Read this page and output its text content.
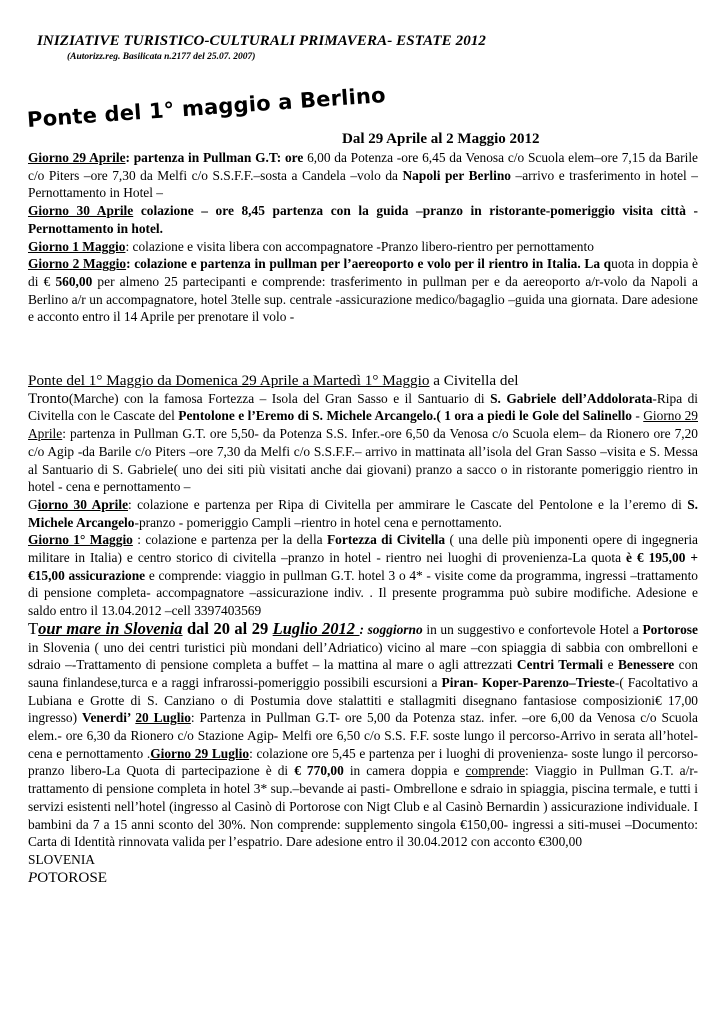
INIZIATIVE TURISTICO-CULTURALI PRIMAVERA- ESTATE 2012
(Autorizz.reg. Basilicata n.2177 del 25.07. 2007)
Ponte del 1° maggio a Berlino
Dal 29 Aprile al 2 Maggio 2012
Giorno 29 Aprile: partenza in Pullman G.T: ore 6,00 da Potenza -ore 6,45 da Venosa c/o Scuola elem–ore 7,15 da Barile c/o Piters –ore 7,30 da Melfi c/o S.S.F.F.–sosta a Candela –volo da Napoli per Berlino –arrivo e trasferimento in hotel –Pernottamento in Hotel –
Giorno 30 Aprile colazione – ore 8,45 partenza con la guida –pranzo in ristorante-pomeriggio visita città -Pernottamento in hotel.
Giorno 1 Maggio: colazione e visita libera con accompagnatore -Pranzo libero-rientro per pernottamento
Giorno 2 Maggio: colazione e partenza in pullman per l’aereoporto e volo per il rientro in Italia. La quota in doppia è di € 560,00 per almeno 25 partecipanti e comprende: trasferimento in pullman per e da aereoporto a/r-volo da Napoli a Berlino a/r un accompagnatore, hotel 3telle sup. centrale -assicurazione medico/bagaglio –guida una giornata. Dare adesione e acconto entro il 14 Aprile per prenotare il volo -
Ponte del 1° Maggio da Domenica 29 Aprile a Martedì 1° Maggio a Civitella del
Tronto(Marche) con la famosa Fortezza – Isola del Gran Sasso e il Santuario di S. Gabriele dell’Addolorata-Ripa di Civitella con le Cascate del Pentolone e l’Eremo di S. Michele Arcangelo.( 1 ora a piedi le Gole del Salinello - Giorno 29 Aprile: partenza in Pullman G.T. ore 5,50- da Potenza S.S. Infer.-ore 6,50 da Venosa c/o Scuola elem– da Rionero ore 7,20 c/o Agip -da Barile c/o Piters –ore 7,30 da Melfi c/o S.S.F.F.– arrivo in mattinata all’isola del Gran Sasso –visita e S. Messa al Santuario di S. Gabriele( uno dei siti più visitati anche dai giovani) pranzo a sacco o in ristorante pomeriggio rientro in hotel - cena e pernottamento –
Giorno 30 Aprile: colazione e partenza per Ripa di Civitella per ammirare le Cascate del Pentolone e la l’eremo di S. Michele Arcangelo-pranzo - pomeriggio Campli –rientro in hotel cena e pernottamento.
Giorno 1° Maggio : colazione e partenza per la della Fortezza di Civitella ( una delle più imponenti opere di ingegneria militare in Italia) e centro storico di civitella –pranzo in hotel - rientro nei luoghi di provenienza-La quota è € 195,00 +€15,00 assicurazione e comprende: viaggio in pullman G.T. hotel 3 o 4* - visite come da programma, ingressi –trattamento di pensione completa- accompagnatore –assicurazione indiv. . Il presente programma può subire modifiche. Adesione e saldo entro il 13.04.2012 –cell 3397403569
Tour mare in Slovenia dal 20 al 29 Luglio 2012 : soggiorno in un suggestivo e confortevole Hotel a Portorose in Slovenia ( uno dei centri turistici più mondani dell’Adriatico) vicino al mare –con spiaggia di sabbia con ombrelloni e sdraio –-Trattamento di pensione completa a buffet – la mattina al mare o agli attrezzati Centri Termali e Benessere con sauna finlandese,turca e a raggi infrarossi-pomeriggio possibili escursioni a Piran- Koper-Parenzo–Trieste-( Facoltativo a Lubiana e Grotte di S. Canziano o di Postumia dove stalattiti e stallagmiti disegnano fantasiose composizioni€ 17,00 ingresso) Venerdi’ 20 Luglio: Partenza in Pullman G.T- ore 5,00 da Potenza staz. infer. –ore 6,00 da Venosa c/o Scuola elem.- ore 6,30 da Rionero c/o Stazione Agip- Melfi ore 6,50 c/o S.S. F.F. soste lungo il percorso-Arrivo in serata all’hotel-cena e pernottamento .Giorno 29 Luglio: colazione ore 5,45 e partenza per i luoghi di provenienza- soste lungo il percorso- pranzo libero-La Quota di partecipazione è di € 770,00 in camera doppia e comprende: Viaggio in Pullman G.T. a/r-trattamento di pensione completa in hotel 3* sup.–bevande ai pasti- Ombrellone e sdraio in spiaggia, piscina termale, e tutti i servizi esistenti nell’hotel (ingresso al Casinò di Portorose con Nigt Club e al Casinò Bernardin ) assicurazione individuale. I bambini da 7 a 15 anni sconto del 30%. Non comprende: supplemento singola €150,00- ingressi a siti-musei –Documento: Carta di Identità rinnovata valida per l’espatrio. Dare adesione entro il 30.04.2012 con acconto €300,00
SLOVENIA
POTOROSE
